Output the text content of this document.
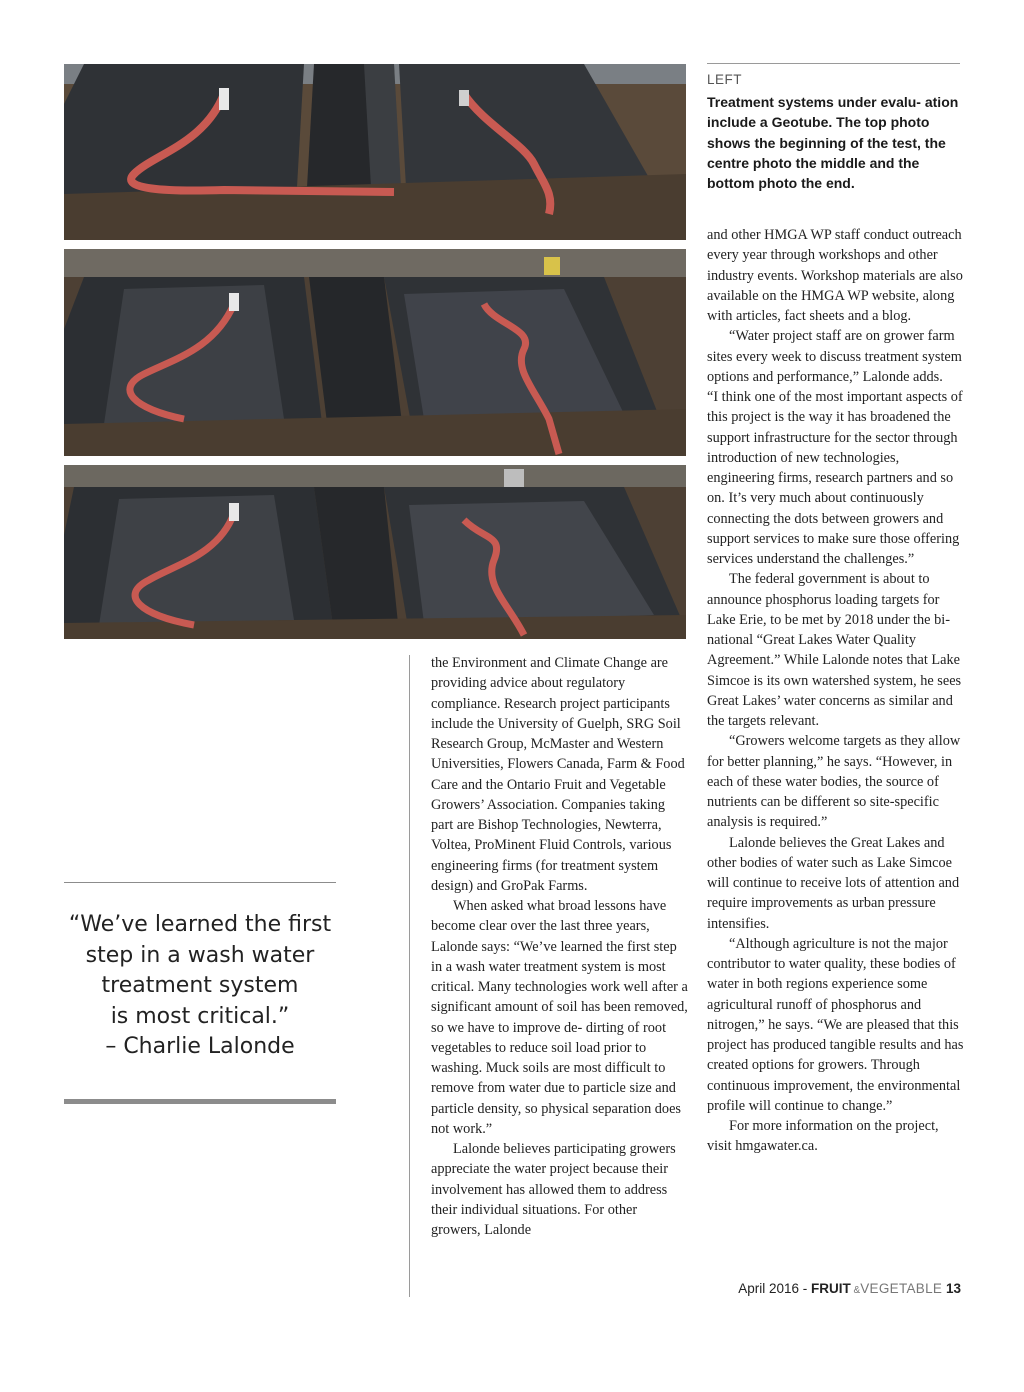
LEFT
Treatment systems under evalu- ation include a Geotube. The top photo shows the beginning of the test, the centre photo the middle and the bottom photo the end.
“We’ve learned the first
step in a wash water
treatment system
is most critical.”
– Charlie Lalonde

the Environment and Climate Change are providing advice about regulatory compliance. Research project participants include the University of Guelph, SRG Soil Research Group, McMaster and Western Universities, Flowers Canada, Farm & Food Care and the Ontario Fruit and Vegetable Growers’ Association. Companies taking part are Bishop Technologies, Newterra, Voltea, ProMinent Fluid Controls, various engineering firms (for treatment system design) and GroPak Farms.

When asked what broad lessons have become clear over the last three years, Lalonde says: “We’ve learned the first step in a wash water treatment system is most critical. Many technologies work well after a significant amount of soil has been removed, so we have to improve de- dirting of root vegetables to reduce soil load prior to washing. Muck soils are most difficult to remove from water due to particle size and particle density, so physical separation does not work.”

Lalonde believes participating growers appreciate the water project because their involvement has allowed them to address their individual situations. For other growers, Lalonde

and other HMGA WP staff conduct outreach every year through workshops and other industry events. Workshop materials are also available on the HMGA WP website, along with articles, fact sheets and a blog.

“Water project staff are on grower farm sites every week to discuss treatment system options and performance,” Lalonde adds.

“I think one of the most important aspects of this project is the way it has broadened the support infrastructure for the sector through introduction of new technologies, engineering firms, research partners and so on. It’s very much about continuously connecting the dots between growers and support services to make sure those offering services understand the challenges.”

The federal government is about to announce phosphorus loading targets for Lake Erie, to be met by 2018 under the bi-national “Great Lakes Water Quality Agreement.” While Lalonde notes that Lake Simcoe is its own watershed system, he sees Great Lakes’ water concerns as similar and the targets relevant.

“Growers welcome targets as they allow for better planning,” he says. “However, in each of these water bodies, the source of nutrients can be different so site-specific analysis is required.”

Lalonde believes the Great Lakes and other bodies of water such as Lake Simcoe will continue to receive lots of attention and require improvements as urban pressure intensifies.

“Although agriculture is not the major contributor to water quality, these bodies of water in both regions experience some agricultural runoff of phosphorus and nitrogen,” he says. “We are pleased that this project has produced tangible results and has created options for growers. Through continuous improvement, the environmental profile will continue to change.”

For more information on the project, visit hmgawater.ca.

April 2016 - FRUIT &VEGETABLE 13
